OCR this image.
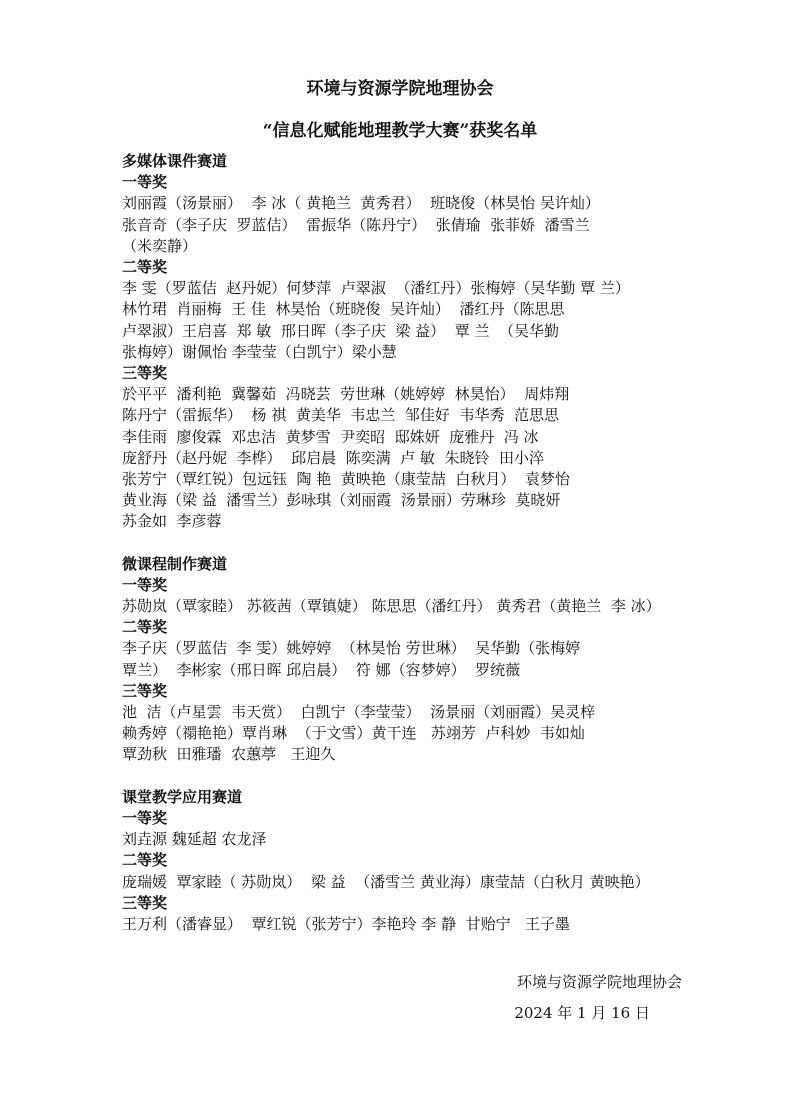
环境与资源学院地理协会
“信息化赋能地理教学大赛”获奖名单
多媒体课件赛道
一等奖
刘丽霞（汤景丽）  李 冰（ 黄艳兰  黄秀君）  班晓俊（林昊怡 吴许灿）
张音奇（李子庆  罗蓝佶）  雷振华（陈丹宁）  张倩瑜  张菲娇  潘雪兰
（米奕静）
二等奖
李 雯（罗蓝佶  赵丹妮）何梦萍  卢翠淑  （潘红丹）张梅婷（吴华勤 覃 兰）
林竹珺  肖丽梅  王 佳  林昊怡（班晓俊  吴许灿）  潘红丹（陈思思
卢翠淑）王启喜  郑 敏  邢日晖（李子庆  梁 益）  覃 兰  （吴华勤
张梅婷）谢佩怡 李莹莹（白凯宁）梁小慧
三等奖
於平平  潘利艳  冀馨茹  冯晓芸  劳世琳（姚婷婷  林昊怡）  周炜翔
陈丹宁（雷振华）  杨 祺  黄美华  韦忠兰  邹佳好  韦华秀  范思思
李佳雨  廖俊霖  邓忠洁  黄梦雪  尹奕昭  邸姝妍  庞雅丹  冯 冰
庞舒丹（赵丹妮  李桦）  邱启晨  陈奕满  卢 敏  朱晓铃  田小淬
张芳宁（覃红锐）包远钰  陶 艳  黄映艳（康莹喆  白秋月）  袁梦怡
黄业海（梁 益  潘雪兰）彭咏琪（刘丽霞  汤景丽）劳琳珍  莫晓妍
苏金如  李彦蓉
微课程制作赛道
一等奖
苏勋岚（覃家睦） 苏筱茜（覃镇婕） 陈思思（潘红丹） 黄秀君（黄艳兰  李 冰）
二等奖
李子庆（罗蓝佶  李 雯）姚婷婷  （林昊怡 劳世琳）  吴华勤（张梅婷
覃兰）  李彬家（邢日晖 邱启晨）  符 娜（容梦婷）  罗统薇
三等奖
池  洁（卢星雲  韦天赏）  白凯宁（李莹莹）  汤景丽（刘丽霞）吴灵梓
赖秀婷（禤艳艳）覃肖琳  （于文雪）黄干连   苏翊芳  卢科妙  韦如灿
覃劲秋  田雅璠  农蕙葶   王迎久
课堂教学应用赛道
一等奖
刘垚源 魏延超 农龙泽
二等奖
庞瑞媛  覃家睦（ 苏勋岚）  梁 益  （潘雪兰 黄业海）康莹喆（白秋月 黄映艳）
三等奖
王万利（潘睿显）  覃红锐（张芳宁）李艳玲 李 静  甘贻宁   王子墨
环境与资源学院地理协会
2024 年 1 月 16 日
